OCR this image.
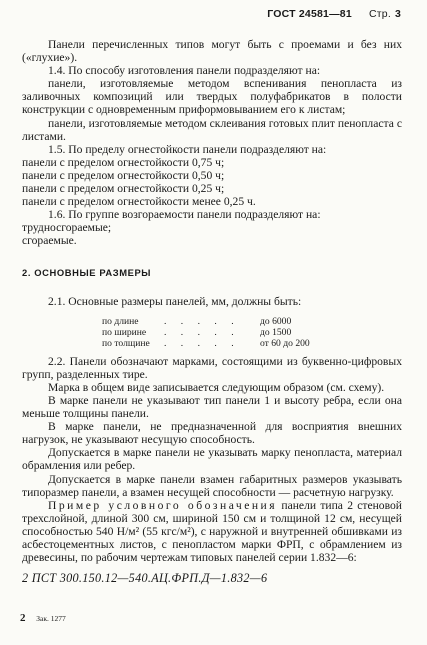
ГОСТ 24581—81 Стр. 3

Панели перечисленных типов могут быть с проемами и без них («глухие»).

1.4. По способу изготовления панели подразделяют на:

панели, изготовляемые методом вспенивания пенопласта из заливочных композиций или твердых полуфабрикатов в полости конструкции с одновременным приформовыванием его к листам;

панели, изготовляемые методом склеивания готовых плит пенопласта с листами.

1.5. По пределу огнестойкости панели подразделяют на:

панели с пределом огнестойкости 0,75 ч;

панели с пределом огнестойкости 0,50 ч;

панели с пределом огнестойкости 0,25 ч;

панели с пределом огнестойкости менее 0,25 ч.

1.6. По группе возгораемости панели подразделяют на:

трудносгораемые;

сгораемые.

2. ОСНОВНЫЕ РАЗМЕРЫ

2.1. Основные размеры панелей, мм, должны быть:

по длине	. . . . .	до 6000
по ширине	. . . . .	до 1500
по толщине	. . . . .	от 60 до 200

2.2. Панели обозначают марками, состоящими из буквенно-цифровых групп, разделенных тире.

Марка в общем виде записывается следующим образом (см. схему).

В марке панели не указывают тип панели 1 и высоту ребра, если она меньше толщины панели.

В марке панели, не предназначенной для восприятия внешних нагрузок, не указывают несущую способность.

Допускается в марке панели не указывать марку пенопласта, материал обрамления или ребер.

Допускается в марке панели взамен габаритных размеров указывать типоразмер панели, а взамен несущей способности — расчетную нагрузку.

Пример условного обозначения панели типа 2 стеновой трехслойной, длиной 300 см, шириной 150 см и толщиной 12 см, несущей способностью 540 Н/м² (55 кгс/м²), с наружной и внутренней обшивками из асбестоцементных листов, с пенопластом марки ФРП, с обрамлением из древесины, по рабочим чертежам типовых панелей серии 1.832—6:

2 ПСТ 300.150.12—540.АЦ.ФРП.Д—1.832—6

2 Зак. 1277
